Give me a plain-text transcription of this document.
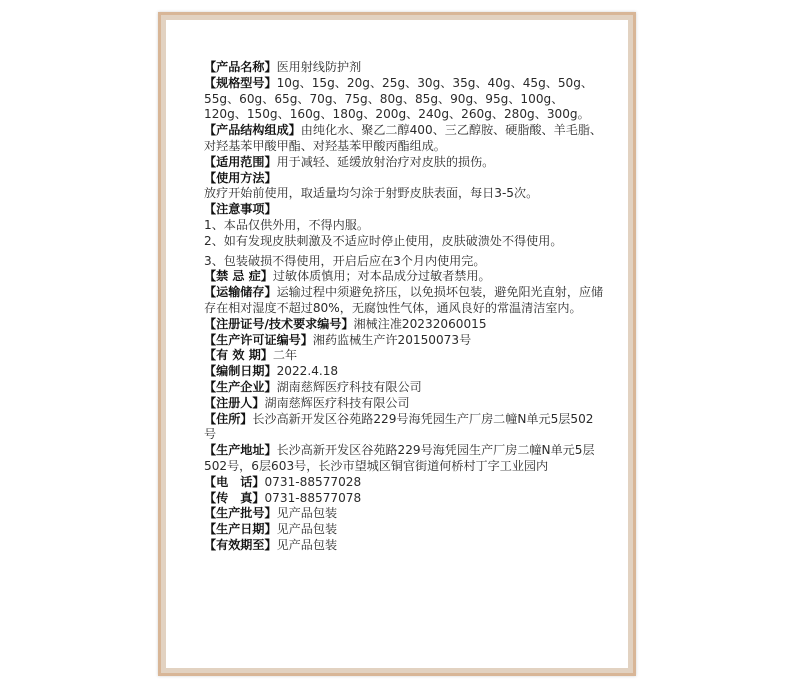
【产品名称】医用射线防护剂

【规格型号】10g、15g、20g、25g、30g、35g、40g、45g、50g、55g、60g、65g、70g、75g、80g、85g、90g、95g、100g、120g、150g、160g、180g、200g、240g、260g、280g、300g。

【产品结构组成】由纯化水、聚乙二醇400、三乙醇胺、硬脂酸、羊毛脂、对羟基苯甲酸甲酯、对羟基苯甲酸丙酯组成。

【适用范围】用于减轻、延缓放射治疗对皮肤的损伤。

【使用方法】

放疗开始前使用，取适量均匀涂于射野皮肤表面，每日3-5次。

【注意事项】

1、本品仅供外用，不得内服。

2、如有发现皮肤刺激及不适应时停止使用，皮肤破溃处不得使用。

3、包装破损不得使用，开启后应在3个月内使用完。

【禁 忌 症】过敏体质慎用；对本品成分过敏者禁用。

【运输储存】运输过程中须避免挤压，以免损坏包装，避免阳光直射，应储存在相对湿度不超过80%，无腐蚀性气体，通风良好的常温清洁室内。

【注册证号/技术要求编号】湘械注准20232060015

【生产许可证编号】湘药监械生产许20150073号

【有 效 期】二年

【编制日期】2022.4.18

【生产企业】湖南慈辉医疗科技有限公司

【注册人】湖南慈辉医疗科技有限公司

【住所】长沙高新开发区谷苑路229号海凭园生产厂房二幢N单元5层502号

【生产地址】长沙高新开发区谷苑路229号海凭园生产厂房二幢N单元5层502号，6层603号，长沙市望城区铜官街道何桥村丁字工业园内

【电　话】0731-88577028

【传　真】0731-88577078

【生产批号】见产品包装

【生产日期】见产品包装

【有效期至】见产品包装
